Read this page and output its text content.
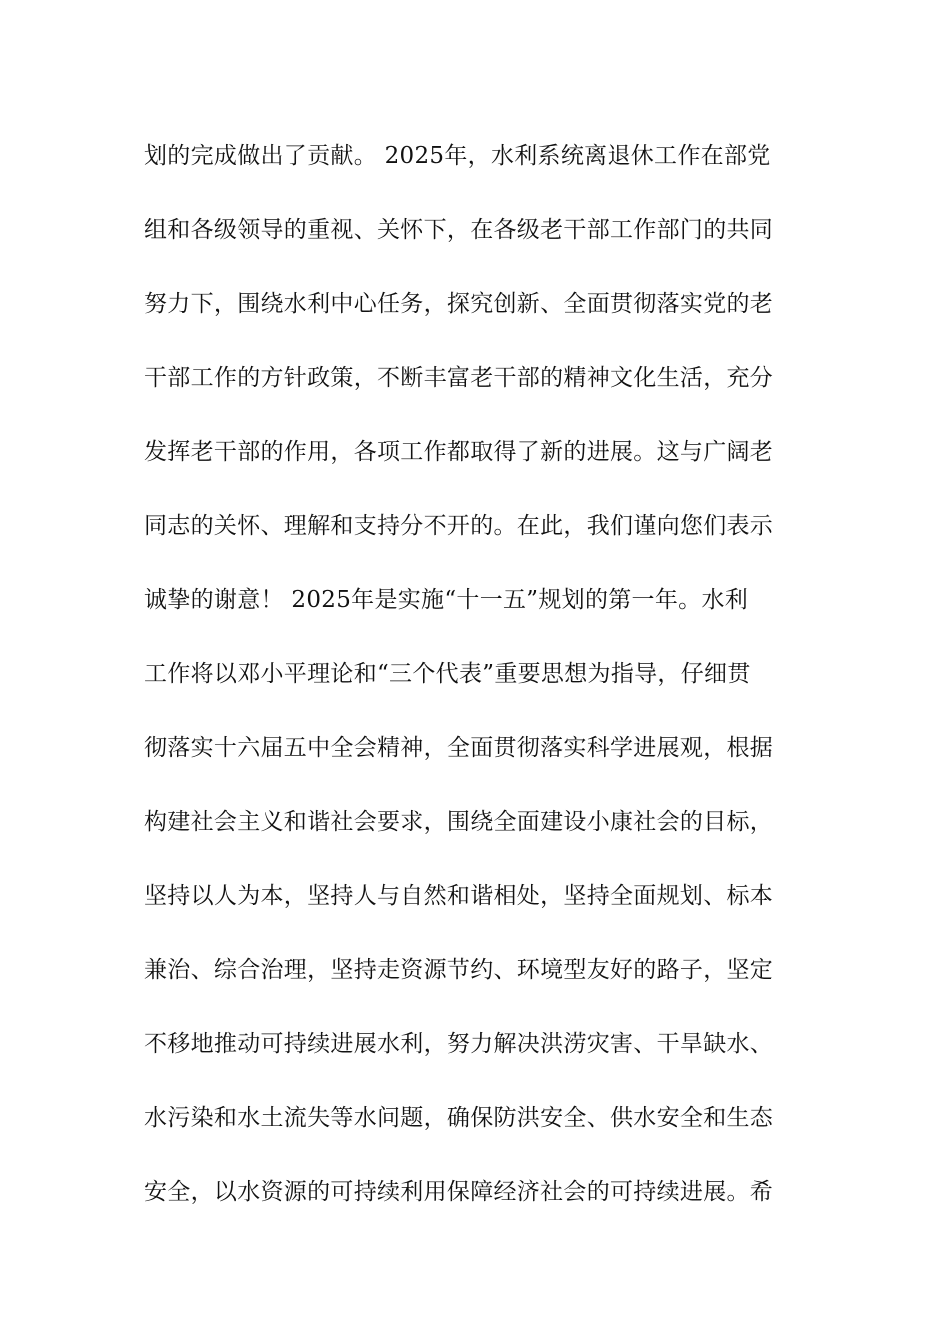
划的完成做出了贡献。 2025年，水利系统离退休工作在部党
组和各级领导的重视、关怀下，在各级老干部工作部门的共同
努力下，围绕水利中心任务，探究创新、全面贯彻落实党的老
干部工作的方针政策，不断丰富老干部的精神文化生活，充分
发挥老干部的作用，各项工作都取得了新的进展。这与广阔老
同志的关怀、理解和支持分不开的。在此，我们谨向您们表示
诚挚的谢意！ 2025年是实施“十一五”规划的第一年。水利
工作将以邓小平理论和“三个代表”重要思想为指导，仔细贯
彻落实十六届五中全会精神，全面贯彻落实科学进展观，根据
构建社会主义和谐社会要求，围绕全面建设小康社会的目标，
坚持以人为本，坚持人与自然和谐相处，坚持全面规划、标本
兼治、综合治理，坚持走资源节约、环境型友好的路子，坚定
不移地推动可持续进展水利，努力解决洪涝灾害、干旱缺水、
水污染和水土流失等水问题，确保防洪安全、供水安全和生态
安全，以水资源的可持续利用保障经济社会的可持续进展。希
